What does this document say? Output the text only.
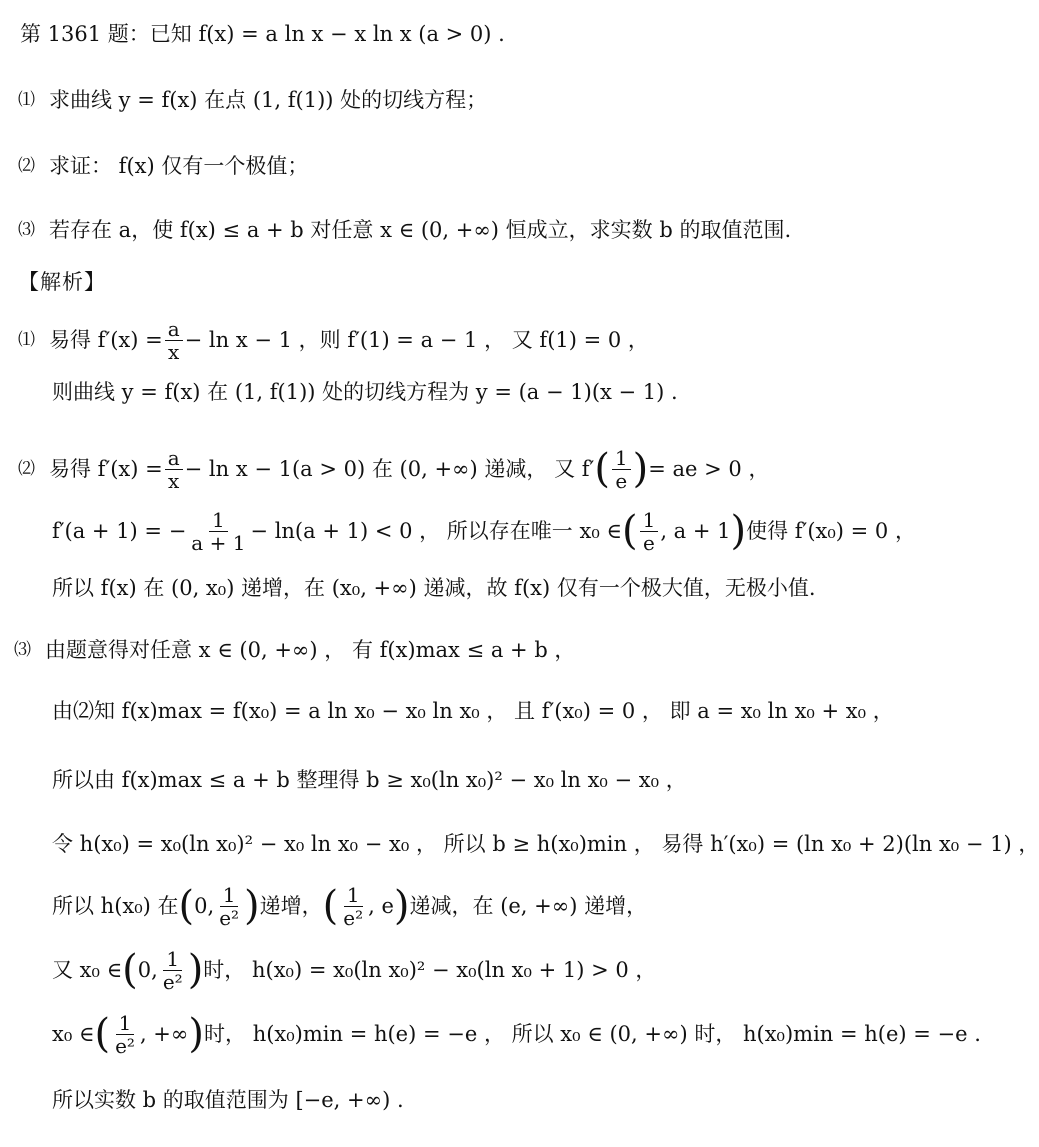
第 1361 题：已知 f(x) = a ln x − x ln x (a > 0) .
⑴ 求曲线 y = f(x) 在点 (1, f(1)) 处的切线方程；
⑵ 求证： f(x) 仅有一个极值；
⑶ 若存在 a，使 f(x) ≤ a + b 对任意 x ∈ (0, +∞) 恒成立，求实数 b 的取值范围.
【解析】
⑴ 易得 $f'(x) = \frac{a}{x} - \ln x - 1$ ，则 f′(1) = a − 1 ， 又 f(1) = 0 ，
则曲线 y = f(x) 在 (1, f(1)) 处的切线方程为 y = (a − 1)(x − 1) .
⑵ 易得 $f'(x) = \frac{a}{x} - \ln x - 1(a > 0)$ 在 (0, +∞) 递减， 又 f′ ( $\frac{1}{e}$ ) = ae > 0 ，
f′(a + 1) = − $\frac{1}{a + 1} - \ln(a + 1) < 0$ ， 所以存在唯一 x₀ ∈ ( $\frac{1}{e}$ , a + 1 ) 使得 f′(x₀) = 0 ，
所以 f(x) 在 (0, x₀) 递增，在 (x₀, +∞) 递减，故 f(x) 仅有一个极大值，无极小值.
⑶ 由题意得对任意 x ∈ (0, +∞) ， 有 f(x)max ≤ a + b ，
由⑵知 f(x)max = f(x₀) = a ln x₀ − x₀ ln x₀ ， 且 f′(x₀) = 0 ， 即 a = x₀ ln x₀ + x₀ ，
所以由 f(x)max ≤ a + b 整理得 b ≥ x₀(ln x₀)² − x₀ ln x₀ − x₀ ，
令 h(x₀) = x₀(ln x₀)² − x₀ ln x₀ − x₀ ， 所以 b ≥ h(x₀)min ， 易得 h′(x₀) = (ln x₀ + 2)(ln x₀ − 1) ，
所以 h(x₀) 在 ( 0, $\frac{1}{\text{e²}}$ ) 递增， ( $\frac{1}{\text{e²}}$ , e ) 递减，在 (e, +∞) 递增，
又 x₀ ∈ ( 0, $\frac{1}{\text{e²}}$ ) 时， h(x₀) = x₀(ln x₀)² − x₀(ln x₀ + 1) > 0 ，
x₀ ∈ ( $\frac{1}{\text{e²}}$ , +∞ ) 时， h(x₀)min = h(e) = −e ， 所以 x₀ ∈ (0, +∞) 时， h(x₀)min = h(e) = −e .
所以实数 b 的取值范围为 [−e, +∞) .
